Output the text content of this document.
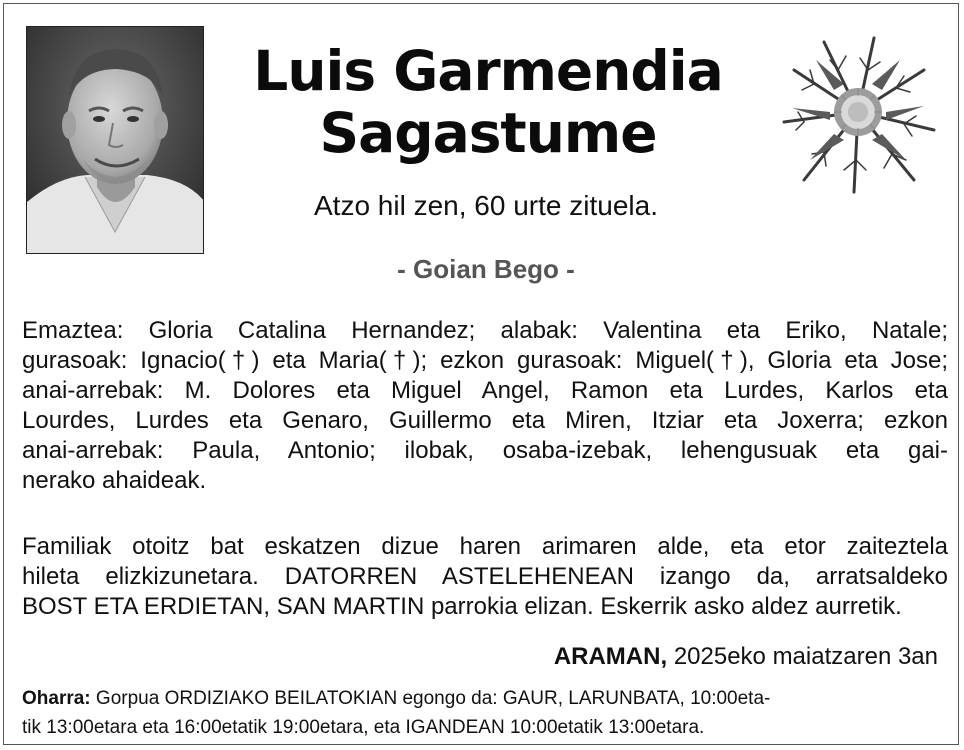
Luis Garmendia
Sagastume
Atzo hil zen, 60 urte zituela.
- Goian Bego -
Emaztea: Gloria Catalina Hernandez; alabak: Valentina eta Eriko, Natale;
gurasoak: Ignacio(†) eta Maria(†); ezkon gurasoak: Miguel(†), Gloria eta Jose;
anai-arrebak: M. Dolores eta Miguel Angel, Ramon eta Lurdes, Karlos eta
Lourdes, Lurdes eta Genaro, Guillermo eta Miren, Itziar eta Joxerra; ezkon
anai-arrebak: Paula, Antonio; ilobak, osaba-izebak, lehengusuak eta gai-
nerako ahaideak.
Familiak otoitz bat eskatzen dizue haren arimaren alde, eta etor zaiteztela
hileta elizkizunetara. DATORREN ASTELEHENEAN izango da, arratsaldeko
BOST ETA ERDIETAN, SAN MARTIN parrokia elizan. Eskerrik asko aldez aurretik.
ARAMAN, 2025eko maiatzaren 3an
Oharra: Gorpua ORDIZIAKO BEILATOKIAN egongo da: GAUR, LARUNBATA, 10:00eta-
tik 13:00etara eta 16:00etatik 19:00etara, eta IGANDEAN 10:00etatik 13:00etara.
